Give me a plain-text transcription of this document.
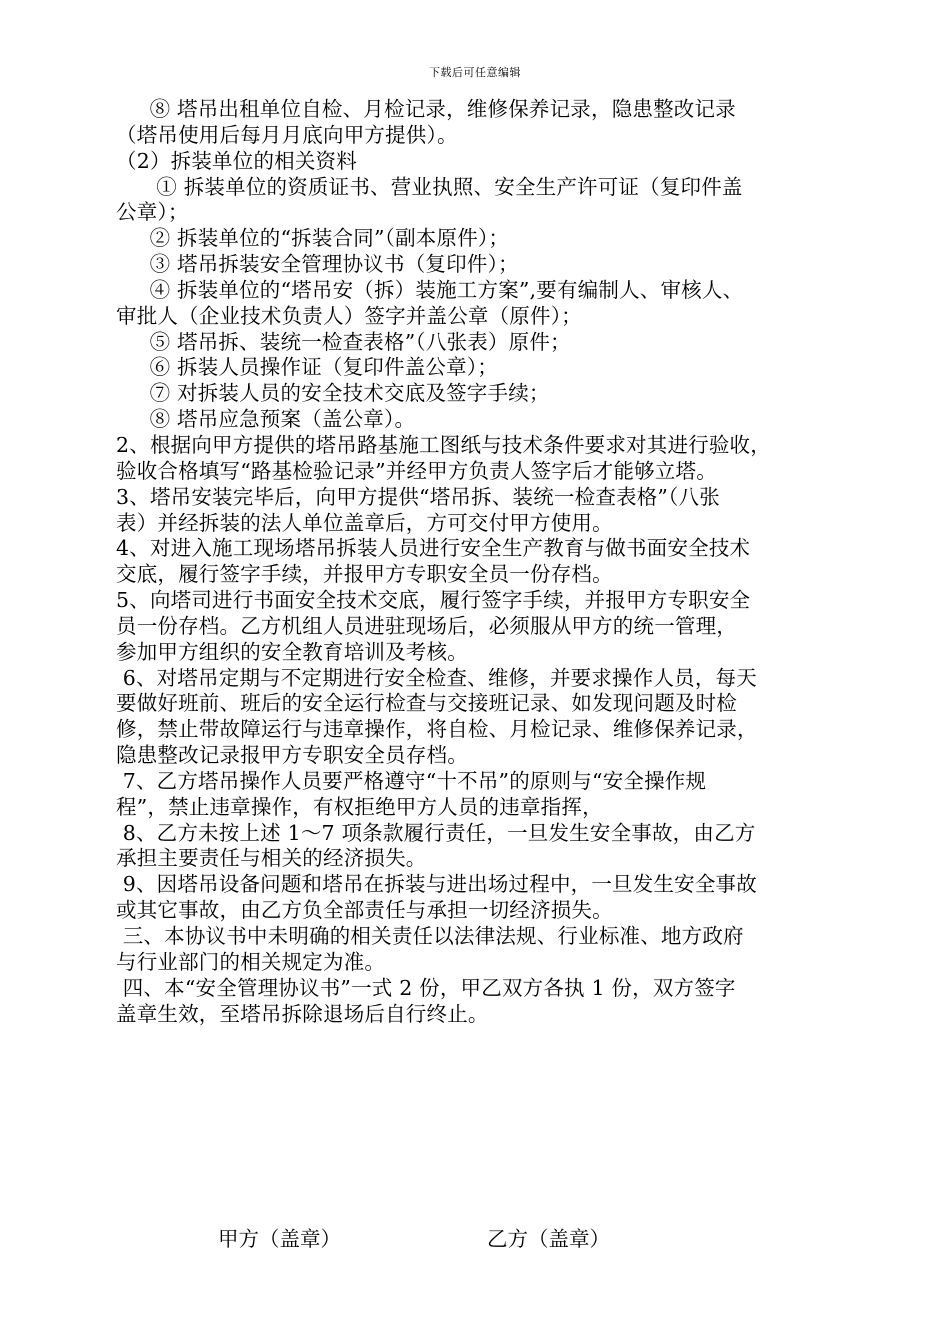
下载后可任意编辑
⑧ 塔吊出租单位自检、月检记录，维修保养记录，隐患整改记录
（塔吊使用后每月月底向甲方提供）。
（2）拆装单位的相关资料
① 拆装单位的资质证书、营业执照、安全生产许可证（复印件盖
公章）；
② 拆装单位的“拆装合同”（副本原件）；
③ 塔吊拆装安全管理协议书（复印件）；
④ 拆装单位的“塔吊安（拆）装施工方案”,要有编制人、审核人、
审批人（企业技术负责人）签字并盖公章（原件）；
⑤ 塔吊拆、装统一检查表格”（八张表）原件；
⑥ 拆装人员操作证（复印件盖公章）；
⑦ 对拆装人员的安全技术交底及签字手续；
⑧ 塔吊应急预案（盖公章）。
2、根据向甲方提供的塔吊路基施工图纸与技术条件要求对其进行验收，
验收合格填写“路基检验记录”并经甲方负责人签字后才能够立塔。
3、塔吊安装完毕后，向甲方提供“塔吊拆、装统一检查表格”（八张
表）并经拆装的法人单位盖章后，方可交付甲方使用。
4、对进入施工现场塔吊拆装人员进行安全生产教育与做书面安全技术
交底，履行签字手续，并报甲方专职安全员一份存档。
5、向塔司进行书面安全技术交底，履行签字手续，并报甲方专职安全
员一份存档。乙方机组人员进驻现场后，必须服从甲方的统一管理，
参加甲方组织的安全教育培训及考核。
6、对塔吊定期与不定期进行安全检查、维修，并要求操作人员，每天
要做好班前、班后的安全运行检查与交接班记录、如发现问题及时检
修，禁止带故障运行与违章操作，将自检、月检记录、维修保养记录，
隐患整改记录报甲方专职安全员存档。
7、乙方塔吊操作人员要严格遵守“十不吊”的原则与“安全操作规
程”，禁止违章操作，有权拒绝甲方人员的违章指挥，
8、乙方未按上述 1～7 项条款履行责任，一旦发生安全事故，由乙方
承担主要责任与相关的经济损失。
9、因塔吊设备问题和塔吊在拆装与进出场过程中，一旦发生安全事故
或其它事故，由乙方负全部责任与承担一切经济损失。
三、本协议书中未明确的相关责任以法律法规、行业标准、地方政府
与行业部门的相关规定为准。
四、本“安全管理协议书”一式 2 份，甲乙双方各执 1 份，双方签字
盖章生效，至塔吊拆除退场后自行终止。
甲方（盖章）	乙方（盖章）
